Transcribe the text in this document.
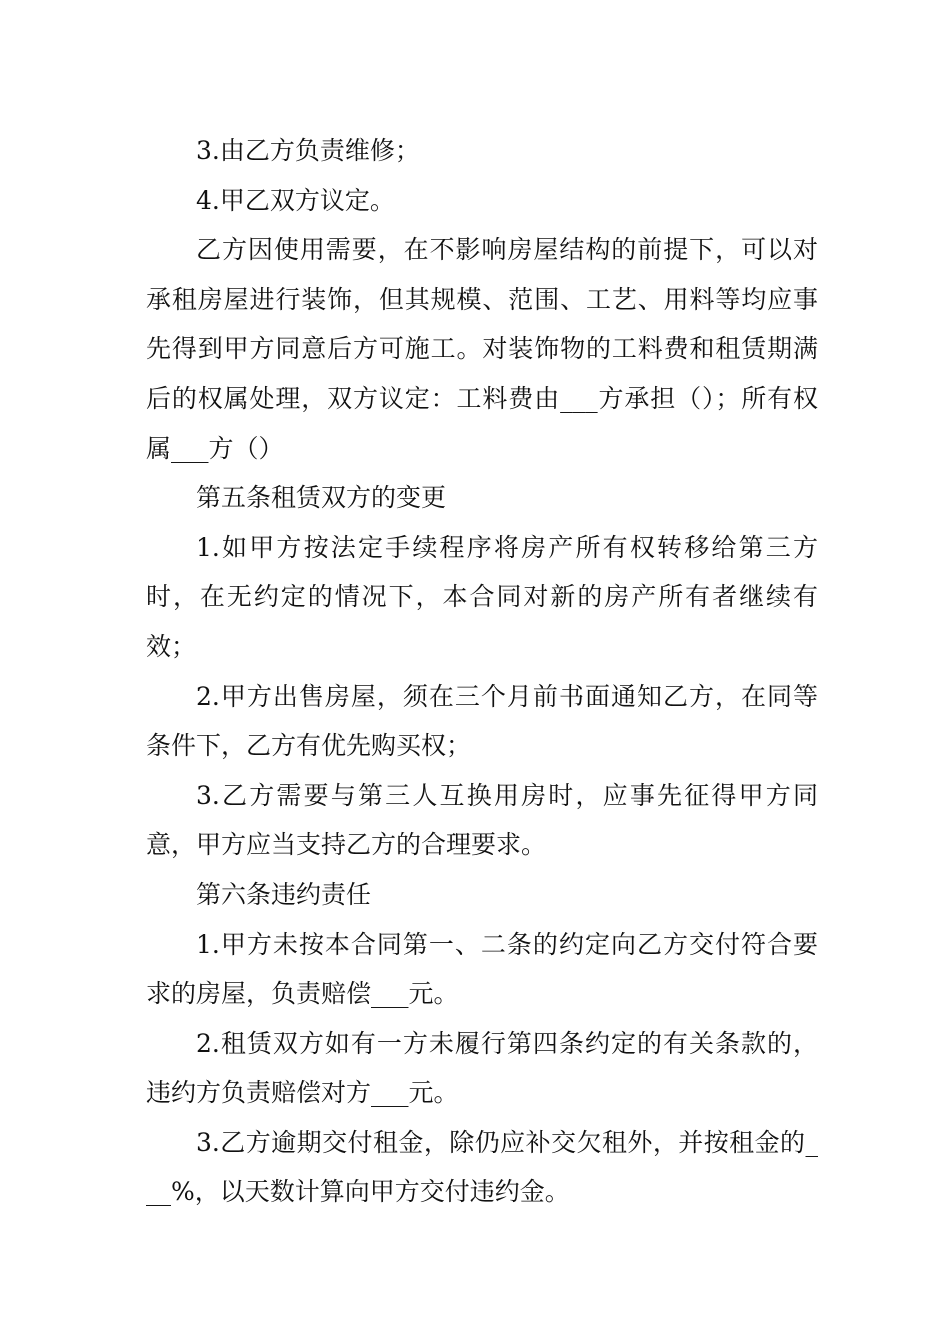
3.由乙方负责维修；

4.甲乙双方议定。

乙方因使用需要，在不影响房屋结构的前提下，可以对承租房屋进行装饰，但其规模、范围、工艺、用料等均应事先得到甲方同意后方可施工。对装饰物的工料费和租赁期满后的权属处理，双方议定：工料费由___方承担（）；所有权属___方（）

第五条租赁双方的变更

1.如甲方按法定手续程序将房产所有权转移给第三方时，在无约定的情况下，本合同对新的房产所有者继续有效；

2.甲方出售房屋，须在三个月前书面通知乙方，在同等条件下，乙方有优先购买权；

3.乙方需要与第三人互换用房时，应事先征得甲方同意，甲方应当支持乙方的合理要求。

第六条违约责任

1.甲方未按本合同第一、二条的约定向乙方交付符合要求的房屋，负责赔偿___元。

2.租赁双方如有一方未履行第四条约定的有关条款的，违约方负责赔偿对方___元。

3.乙方逾期交付租金，除仍应补交欠租外，并按租金的___%，以天数计算向甲方交付违约金。
